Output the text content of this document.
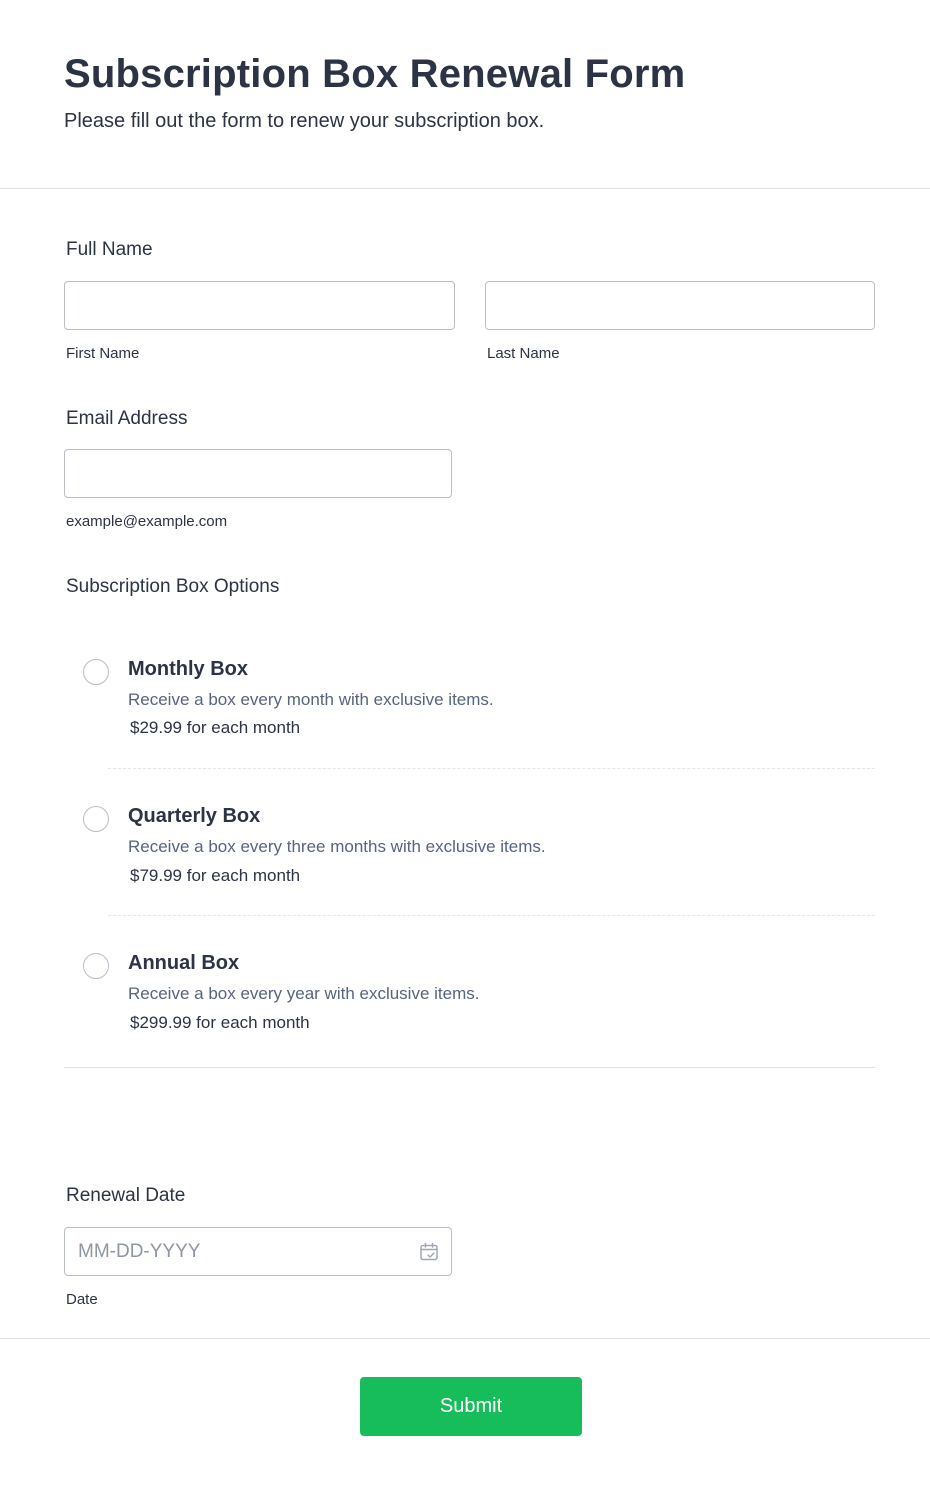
Subscription Box Renewal Form

Please fill out the form to renew your subscription box.

Full Name
First Name	Last Name
Email Address
example@example.com
Subscription Box Options
Monthly Box
Receive a box every month with exclusive items.
$29.99 for each month
Quarterly Box
Receive a box every three months with exclusive items.
$79.99 for each month
Annual Box
Receive a box every year with exclusive items.
$299.99 for each month
Renewal Date
MM-DD-YYYY
Date
Submit
